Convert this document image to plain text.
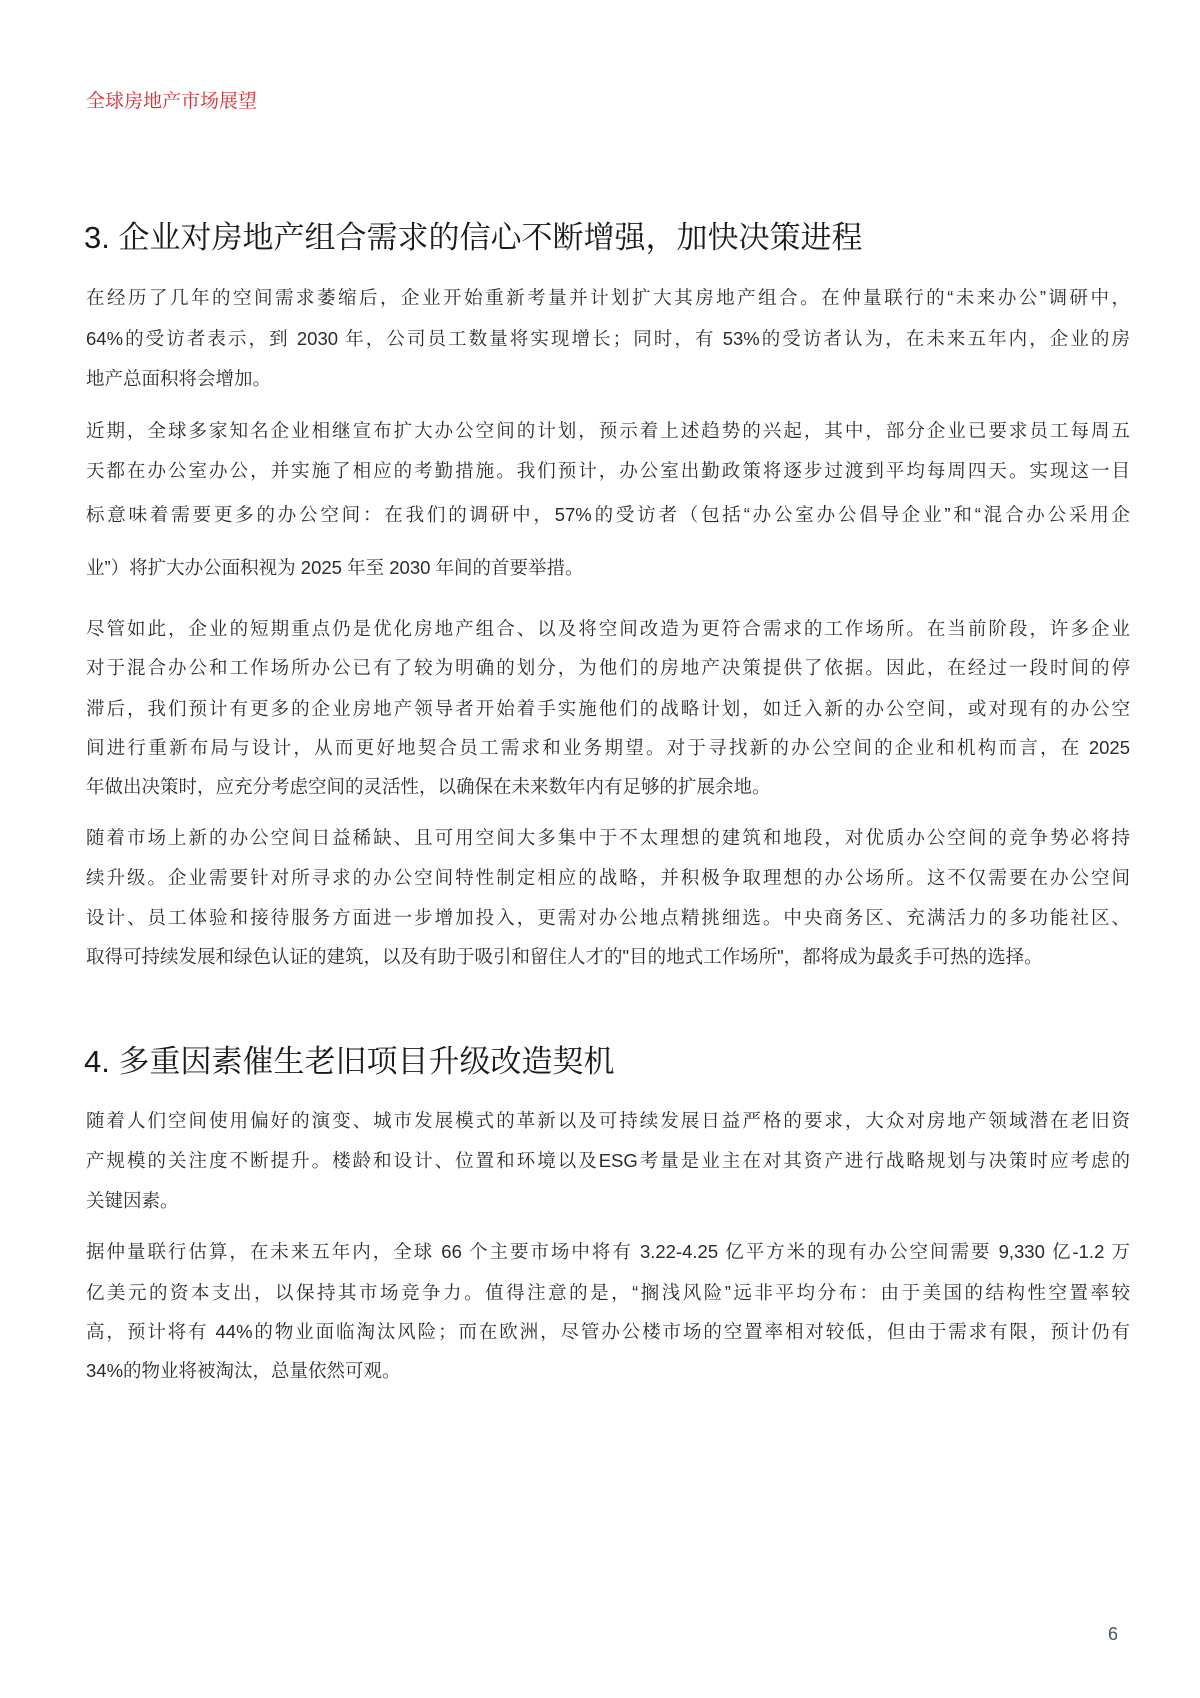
全球房地产市场展望
3. 企业对房地产组合需求的信心不断增强，加快决策进程
在经历了几年的空间需求萎缩后，企业开始重新考量并计划扩大其房地产组合。在仲量联行的“未来办公”调研中，
64%的受访者表示，到 2030 年，公司员工数量将实现增长；同时，有 53%的受访者认为，在未来五年内，企业的房
地产总面积将会增加。
近期，全球多家知名企业相继宣布扩大办公空间的计划，预示着上述趋势的兴起，其中，部分企业已要求员工每周五
天都在办公室办公，并实施了相应的考勤措施。我们预计，办公室出勤政策将逐步过渡到平均每周四天。实现这一目
标意味着需要更多的办公空间：在我们的调研中，57%的受访者（包括“办公室办公倡导企业”和“混合办公采用企
业”）将扩大办公面积视为 2025 年至 2030 年间的首要举措。
尽管如此，企业的短期重点仍是优化房地产组合、以及将空间改造为更符合需求的工作场所。在当前阶段，许多企业
对于混合办公和工作场所办公已有了较为明确的划分，为他们的房地产决策提供了依据。因此，在经过一段时间的停
滞后，我们预计有更多的企业房地产领导者开始着手实施他们的战略计划，如迁入新的办公空间，或对现有的办公空
间进行重新布局与设计，从而更好地契合员工需求和业务期望。对于寻找新的办公空间的企业和机构而言，在 2025
年做出决策时，应充分考虑空间的灵活性，以确保在未来数年内有足够的扩展余地。
随着市场上新的办公空间日益稀缺、且可用空间大多集中于不太理想的建筑和地段，对优质办公空间的竞争势必将持
续升级。企业需要针对所寻求的办公空间特性制定相应的战略，并积极争取理想的办公场所。这不仅需要在办公空间
设计、员工体验和接待服务方面进一步增加投入，更需对办公地点精挑细选。中央商务区、充满活力的多功能社区、
取得可持续发展和绿色认证的建筑，以及有助于吸引和留住人才的"目的地式工作场所"，都将成为最炙手可热的选择。
4. 多重因素催生老旧项目升级改造契机
随着人们空间使用偏好的演变、城市发展模式的革新以及可持续发展日益严格的要求，大众对房地产领域潜在老旧资
产规模的关注度不断提升。楼龄和设计、位置和环境以及ESG考量是业主在对其资产进行战略规划与决策时应考虑的
关键因素。
据仲量联行估算，在未来五年内，全球 66 个主要市场中将有 3.22-4.25 亿平方米的现有办公空间需要 9,330 亿-1.2 万
亿美元的资本支出，以保持其市场竞争力。值得注意的是，“搁浅风险”远非平均分布：由于美国的结构性空置率较
高，预计将有 44%的物业面临淘汰风险；而在欧洲，尽管办公楼市场的空置率相对较低，但由于需求有限，预计仍有
34%的物业将被淘汰，总量依然可观。
6
